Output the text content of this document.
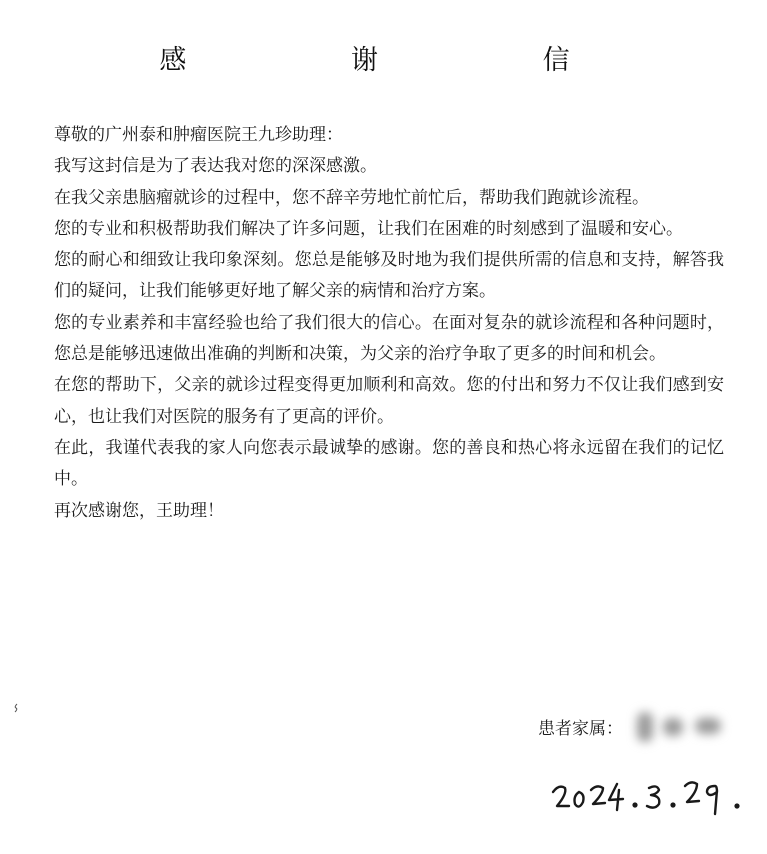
感 谢 信

尊敬的广州泰和肿瘤医院王九珍助理：

我写这封信是为了表达我对您的深深感激。

在我父亲患脑瘤就诊的过程中，您不辞辛劳地忙前忙后，帮助我们跑就诊流程。

您的专业和积极帮助我们解决了许多问题，让我们在困难的时刻感到了温暖和安心。

您的耐心和细致让我印象深刻。您总是能够及时地为我们提供所需的信息和支持，解答我们的疑问，让我们能够更好地了解父亲的病情和治疗方案。

您的专业素养和丰富经验也给了我们很大的信心。在面对复杂的就诊流程和各种问题时，您总是能够迅速做出准确的判断和决策，为父亲的治疗争取了更多的时间和机会。

在您的帮助下，父亲的就诊过程变得更加顺利和高效。您的付出和努力不仅让我们感到安心，也让我们对医院的服务有了更高的评价。

在此，我谨代表我的家人向您表示最诚挚的感谢。您的善良和热心将永远留在我们的记忆中。

再次感谢您，王助理！

患者家属：
